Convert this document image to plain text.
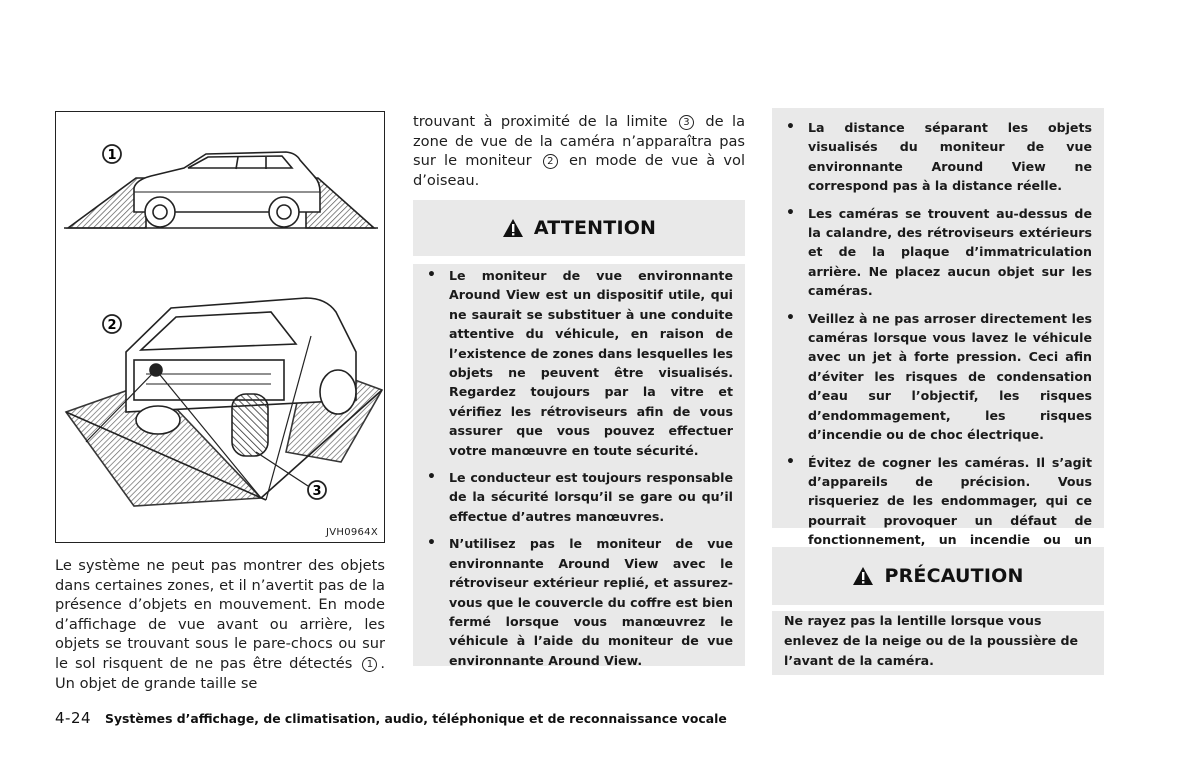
1
2
3
JVH0964X
Le système ne peut pas montrer des objets dans certaines zones, et il n’avertit pas de la présence d’objets en mouvement. En mode d’affichage de vue avant ou arrière, les objets se trouvant sous le pare-chocs ou sur le sol risquent de ne pas être détectés 1 . Un objet de grande taille se
trouvant à proximité de la limite 3 de la zone de vue de la caméra n’apparaîtra pas sur le moniteur 2 en mode de vue à vol d’oiseau.
ATTENTION
• Le moniteur de vue environnante Around View est un dispositif utile, qui ne saurait se substituer à une conduite attentive du véhicule, en raison de l’existence de zones dans lesquelles les objets ne peuvent être visualisés. Regardez toujours par la vitre et vérifiez les rétroviseurs afin de vous assurer que vous pouvez effectuer votre manœuvre en toute sécurité.
• Le conducteur est toujours responsable de la sécurité lorsqu’il se gare ou qu’il effectue d’autres manœuvres.
• N’utilisez pas le moniteur de vue environnante Around View avec le rétroviseur extérieur replié, et assurez-vous que le couvercle du coffre est bien fermé lorsque vous manœuvrez le véhicule à l’aide du moniteur de vue environnante Around View.
• La distance séparant les objets visualisés du moniteur de vue environnante Around View ne correspond pas à la distance réelle.
• Les caméras se trouvent au-dessus de la calandre, des rétroviseurs extérieurs et de la plaque d’immatriculation arrière. Ne placez aucun objet sur les caméras.
• Veillez à ne pas arroser directement les caméras lorsque vous lavez le véhicule avec un jet à forte pression. Ceci afin d’éviter les risques de condensation d’eau sur l’objectif, les risques d’endommagement, les risques d’incendie ou de choc électrique.
• Évitez de cogner les caméras. Il s’agit d’appareils de précision. Vous risqueriez de les endommager, qui ce pourrait provoquer un défaut de fonctionnement, un incendie ou un
PRÉCAUTION
Ne rayez pas la lentille lorsque vous enlevez de la neige ou de la poussière de l’avant de la caméra.
4-24 Systèmes d’affichage, de climatisation, audio, téléphonique et de reconnaissance vocale
